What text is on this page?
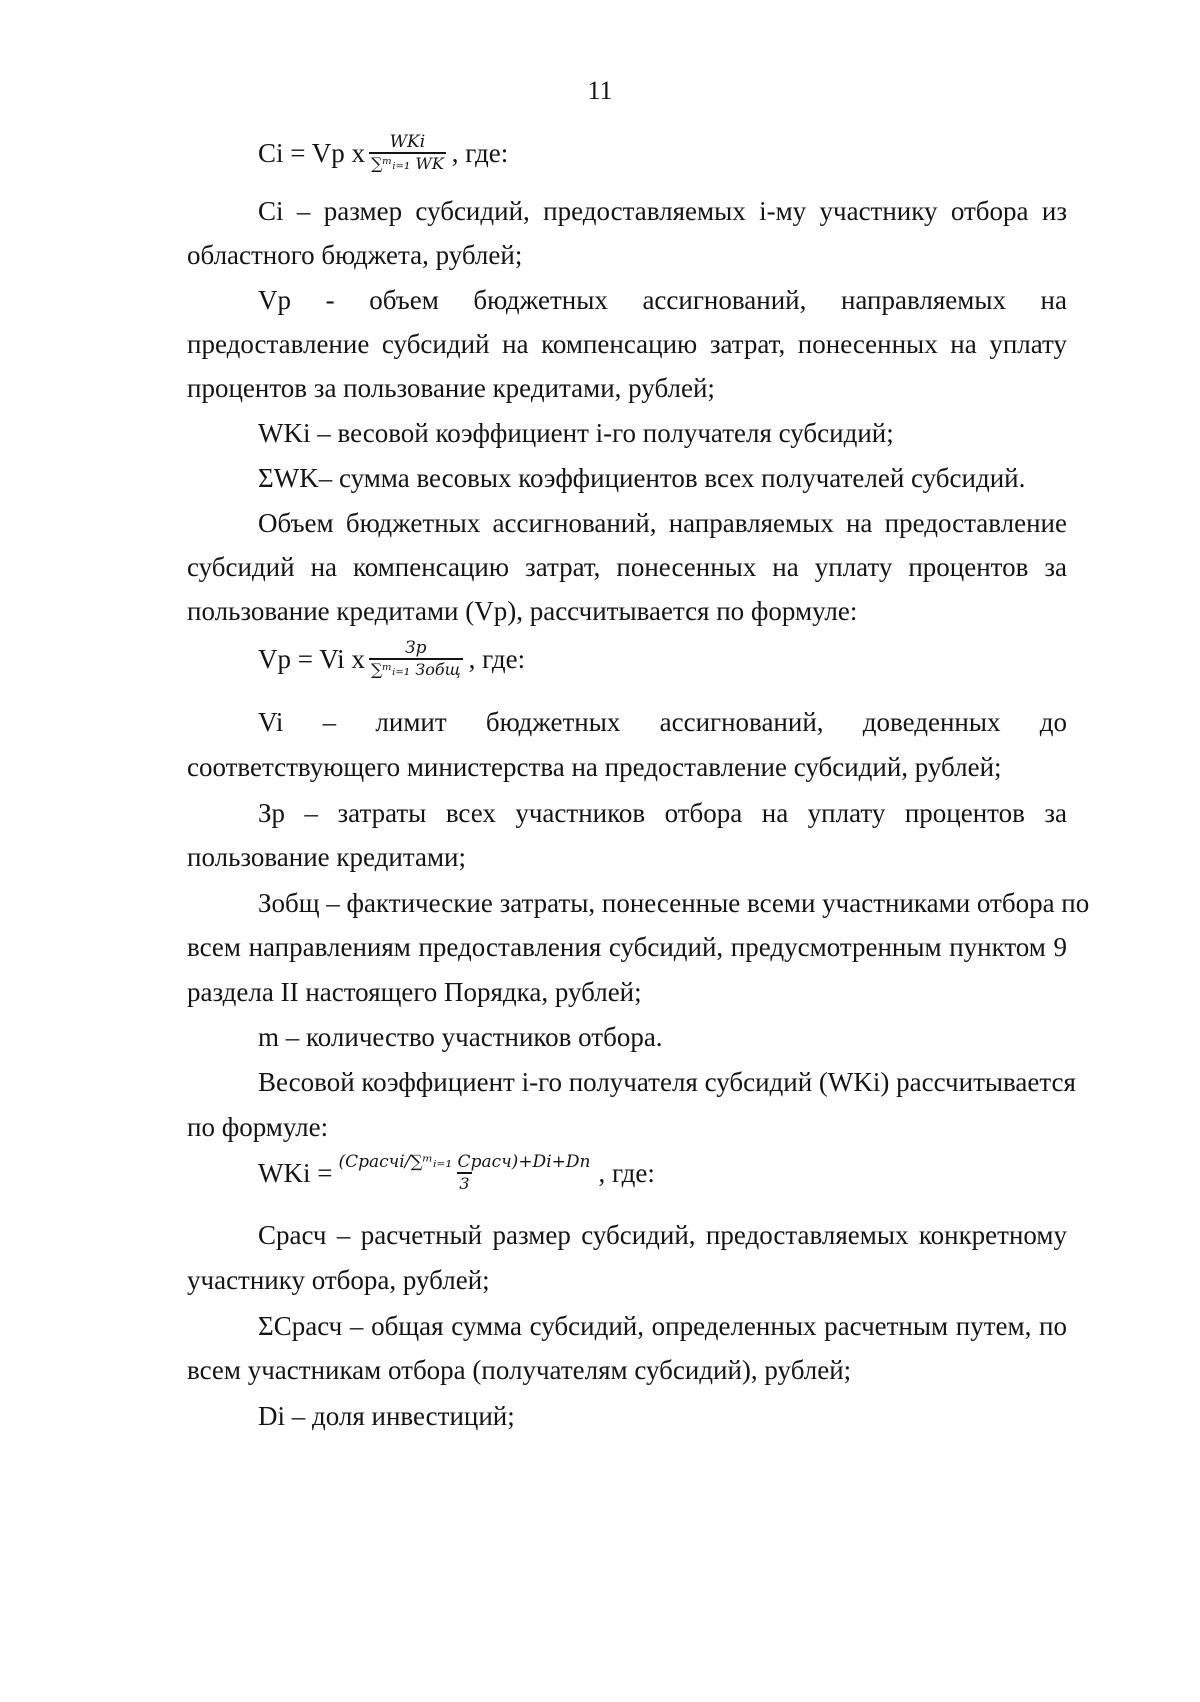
11
Ci = Vp x $\frac{\text{WKi}}{\text{∑ᵐᵢ₌₁ WK}}$ , где:
Ci – размер субсидий, предоставляемых i-му участнику отбора из
областного бюджета, рублей;
Vp - объем бюджетных ассигнований, направляемых на
предоставление субсидий на компенсацию затрат, понесенных на уплату
процентов за пользование кредитами, рублей;
WKi – весовой коэффициент i-го получателя субсидий;
ΣWK– сумма весовых коэффициентов всех получателей субсидий.
Объем бюджетных ассигнований, направляемых на предоставление
субсидий на компенсацию затрат, понесенных на уплату процентов за
пользование кредитами (Vp), рассчитывается по формуле:
Vp = Vi x $\frac{Зр}{\text{∑ᵐᵢ₌₁ Зобщ}}$ , где:
Vi – лимит бюджетных ассигнований, доведенных до
соответствующего министерства на предоставление субсидий, рублей;
Зр – затраты всех участников отбора на уплату процентов за
пользование кредитами;
Зобщ – фактические затраты, понесенные всеми участниками отбора по
всем направлениям предоставления субсидий, предусмотренным пунктом 9
раздела II настоящего Порядка, рублей;
m – количество участников отбора.
Весовой коэффициент i-го получателя субсидий (WKi) рассчитывается
по формуле:
WKi = $\frac{\text{(Срасчi/∑ᵐᵢ₌₁ Срасч)+Di+Dn}}{3}$ , где:
Срасч – расчетный размер субсидий, предоставляемых конкретному
участнику отбора, рублей;
ΣСрасч – общая сумма субсидий, определенных расчетным путем, по
всем участникам отбора (получателям субсидий), рублей;
Di – доля инвестиций;
